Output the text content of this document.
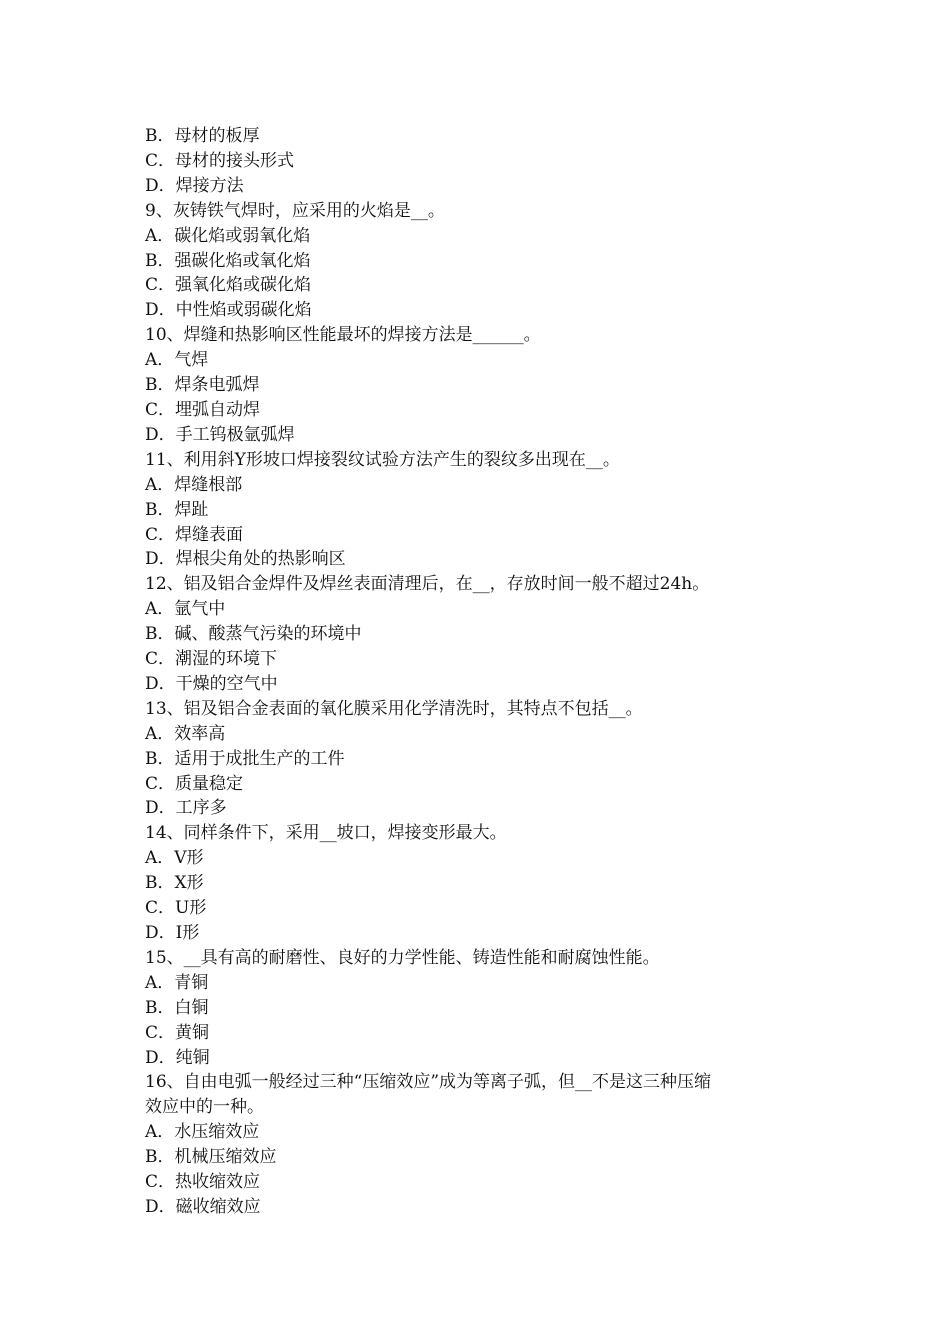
B．母材的板厚
C．母材的接头形式
D．焊接方法
9、灰铸铁气焊时，应采用的火焰是__。
A．碳化焰或弱氧化焰
B．强碳化焰或氧化焰
C．强氧化焰或碳化焰
D．中性焰或弱碳化焰
10、焊缝和热影响区性能最坏的焊接方法是______。
A．气焊
B．焊条电弧焊
C．埋弧自动焊
D．手工钨极氩弧焊
11、利用斜Y形坡口焊接裂纹试验方法产生的裂纹多出现在__。
A．焊缝根部
B．焊趾
C．焊缝表面
D．焊根尖角处的热影响区
12、铝及铝合金焊件及焊丝表面清理后，在__，存放时间一般不超过24h。
A．氩气中
B．碱、酸蒸气污染的环境中
C．潮湿的环境下
D．干燥的空气中
13、铝及铝合金表面的氧化膜采用化学清洗时，其特点不包括__。
A．效率高
B．适用于成批生产的工件
C．质量稳定
D．工序多
14、同样条件下，采用__坡口，焊接变形最大。
A．V形
B．X形
C．U形
D．I形
15、__具有高的耐磨性、良好的力学性能、铸造性能和耐腐蚀性能。
A．青铜
B．白铜
C．黄铜
D．纯铜
16、自由电弧一般经过三种“压缩效应”成为等离子弧，但__不是这三种压缩
效应中的一种。
A．水压缩效应
B．机械压缩效应
C．热收缩效应
D．磁收缩效应
